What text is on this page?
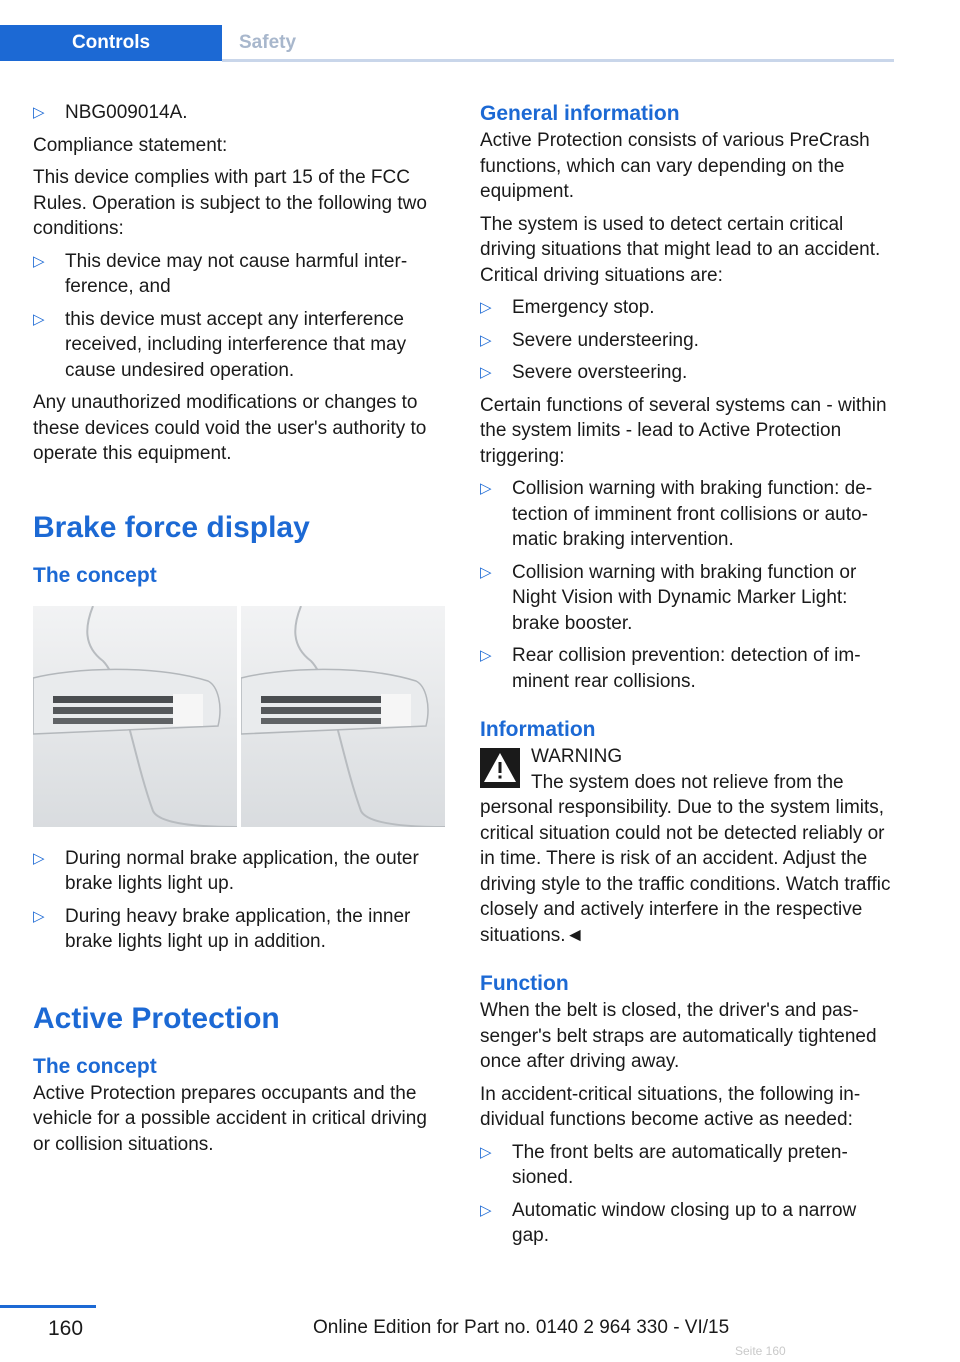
Controls	Safety
▷	NBG009014A.

Compliance statement:

This device complies with part 15 of the FCC Rules. Operation is subject to the following two conditions:

▷	This device may not cause harmful interference, and
▷	this device must accept any interference received, including interference that may cause undesired operation.

Any unauthorized modifications or changes to these devices could void the user's authority to operate this equipment.

Brake force display
The concept
▷	During normal brake application, the outer brake lights light up.
▷	During heavy brake application, the inner brake lights light up in addition.
Active Protection
The concept

Active Protection prepares occupants and the vehicle for a possible accident in critical driving or collision situations.

General information

Active Protection consists of various PreCrash functions, which can vary depending on the equipment.

The system is used to detect certain critical driving situations that might lead to an accident. Critical driving situations are:

▷	Emergency stop.
▷	Severe understeering.
▷	Severe oversteering.

Certain functions of several systems can - within the system limits - lead to Active Protection triggering:

▷	Collision warning with braking function: detection of imminent front collisions or automatic braking intervention.
▷	Collision warning with braking function or Night Vision with Dynamic Marker Light: brake booster.
▷	Rear collision prevention: detection of imminent rear collisions.
Information
WARNING

The system does not relieve from the personal responsibility. Due to the system limits, critical situation could not be detected reliably or in time. There is risk of an accident. Adjust the driving style to the traffic conditions. Watch traffic closely and actively interfere in the respective situations.◄

Function

When the belt is closed, the driver's and passenger's belt straps are automatically tightened once after driving away.

In accident-critical situations, the following individual functions become active as needed:

▷	The front belts are automatically pretensioned.
▷	Automatic window closing up to a narrow gap.
160	Online Edition for Part no. 0140 2 964 330 - VI/15
Seite 160
